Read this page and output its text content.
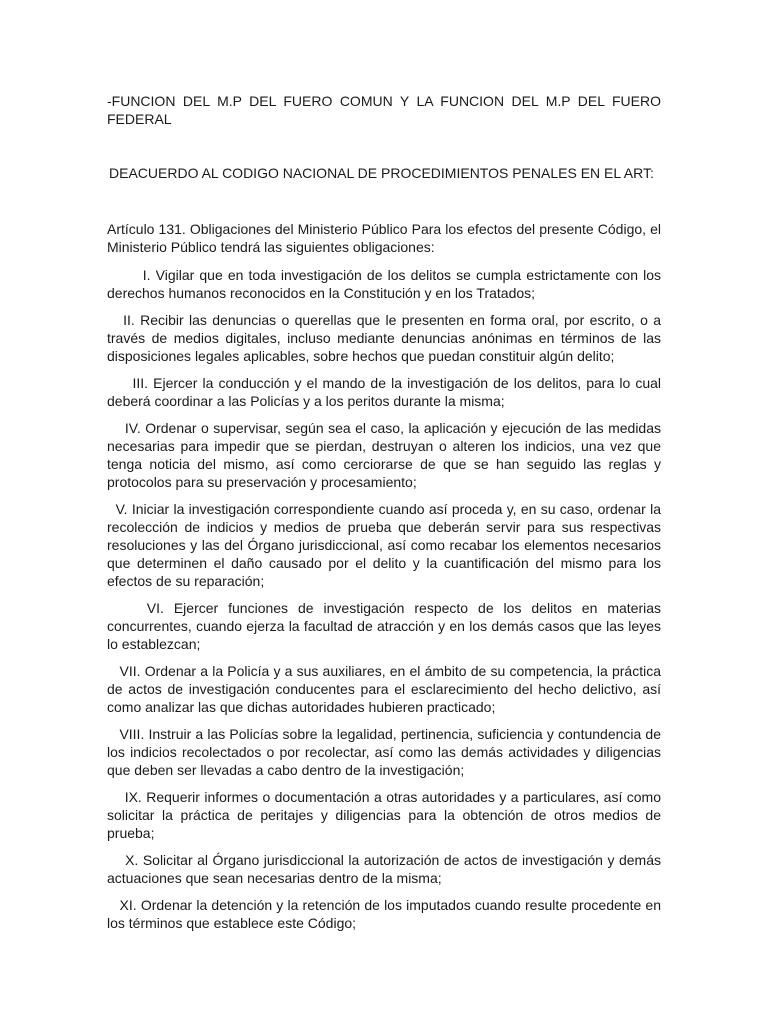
-FUNCION DEL M.P DEL FUERO COMUN Y LA FUNCION DEL M.P DEL FUERO FEDERAL
DEACUERDO AL CODIGO NACIONAL DE PROCEDIMIENTOS PENALES EN EL ART:

Artículo 131. Obligaciones del Ministerio Público Para los efectos del presente Código, el Ministerio Público tendrá las siguientes obligaciones:

I. Vigilar que en toda investigación de los delitos se cumpla estrictamente con los derechos humanos reconocidos en la Constitución y en los Tratados;

II. Recibir las denuncias o querellas que le presenten en forma oral, por escrito, o a través de medios digitales, incluso mediante denuncias anónimas en términos de las disposiciones legales aplicables, sobre hechos que puedan constituir algún delito;

III. Ejercer la conducción y el mando de la investigación de los delitos, para lo cual deberá coordinar a las Policías y a los peritos durante la misma;

IV. Ordenar o supervisar, según sea el caso, la aplicación y ejecución de las medidas necesarias para impedir que se pierdan, destruyan o alteren los indicios, una vez que tenga noticia del mismo, así como cerciorarse de que se han seguido las reglas y protocolos para su preservación y procesamiento;

V. Iniciar la investigación correspondiente cuando así proceda y, en su caso, ordenar la recolección de indicios y medios de prueba que deberán servir para sus respectivas resoluciones y las del Órgano jurisdiccional, así como recabar los elementos necesarios que determinen el daño causado por el delito y la cuantificación del mismo para los efectos de su reparación;

VI. Ejercer funciones de investigación respecto de los delitos en materias concurrentes, cuando ejerza la facultad de atracción y en los demás casos que las leyes lo establezcan;

VII. Ordenar a la Policía y a sus auxiliares, en el ámbito de su competencia, la práctica de actos de investigación conducentes para el esclarecimiento del hecho delictivo, así como analizar las que dichas autoridades hubieren practicado;

VIII. Instruir a las Policías sobre la legalidad, pertinencia, suficiencia y contundencia de los indicios recolectados o por recolectar, así como las demás actividades y diligencias que deben ser llevadas a cabo dentro de la investigación;

IX. Requerir informes o documentación a otras autoridades y a particulares, así como solicitar la práctica de peritajes y diligencias para la obtención de otros medios de prueba;

X. Solicitar al Órgano jurisdiccional la autorización de actos de investigación y demás actuaciones que sean necesarias dentro de la misma;

XI. Ordenar la detención y la retención de los imputados cuando resulte procedente en los términos que establece este Código;
